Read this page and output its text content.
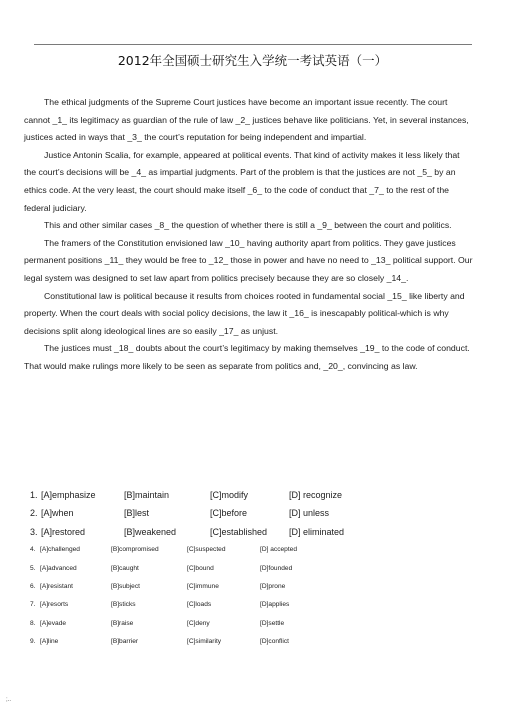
2012年全国硕士研究生入学统一考试英语（一）

The ethical judgments of the Supreme Court justices have become an important issue recently. The court cannot _1_ its legitimacy as guardian of the rule of law _2_ justices behave like politicians. Yet, in several instances, justices acted in ways that _3_ the court’s reputation for being independent and impartial.

Justice Antonin Scalia, for example, appeared at political events. That kind of activity makes it less likely that the court’s decisions will be _4_ as impartial judgments. Part of the problem is that the justices are not _5_ by an ethics code. At the very least, the court should make itself _6_ to the code of conduct that _7_ to the rest of the federal judiciary.

This and other similar cases _8_ the question of whether there is still a _9_ between the court and politics.

The framers of the Constitution envisioned law _10_ having authority apart from politics. They gave justices permanent positions _11_ they would be free to _12_ those in power and have no need to _13_ political support. Our legal system was designed to set law apart from politics precisely because they are so closely _14_.

Constitutional law is political because it results from choices rooted in fundamental social _15_ like liberty and property. When the court deals with social policy decisions, the law it _16_ is inescapably political-which is why decisions split along ideological lines are so easily _17_ as unjust.

The justices must _18_ doubts about the court’s legitimacy by making themselves _19_ to the code of conduct. That would make rulings more likely to be seen as separate from politics and, _20_, convincing as law.

1. [A]emphasize	[B]maintain	[C]modify	[D] recognize
2. [A]when	[B]lest	[C]before	[D] unless
3. [A]restored	[B]weakened	[C]established [D] eliminated
4. [A]challenged	[B]compromised	[C]suspected	[D] accepted
5. [A]advanced	[B]caught	[C]bound	[D]founded
6. [A]resistant	[B]subject	[C]immune	[D]prone
7. [A]resorts	[B]sticks	[C]loads	[D]applies
8. [A]evade	[B]raise	[C]deny	[D]settle
9. [A]line	[B]barrier	[C]similarity	[D]conflict
;..
